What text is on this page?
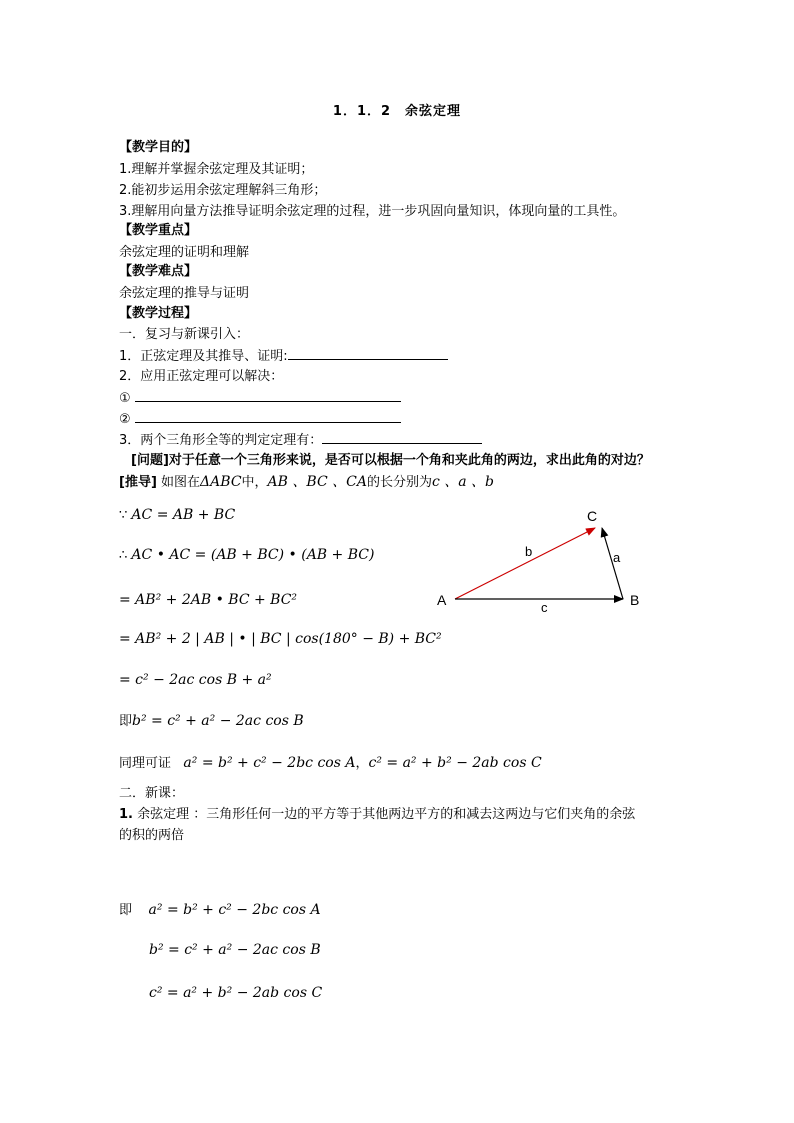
1．1．2　余弦定理
【教学目的】
1.理解并掌握余弦定理及其证明；
2.能初步运用余弦定理解斜三角形；
3.理解用向量方法推导证明余弦定理的过程，进一步巩固向量知识，体现向量的工具性。
【教学重点】
余弦定理的证明和理解
【教学难点】
余弦定理的推导与证明
【教学过程】
一．复习与新课引入：
1．正弦定理及其推导、证明:
2．应用正弦定理可以解决：
①
②
3．两个三角形全等的判定定理有：
[问题]对于任意一个三角形来说，是否可以根据一个角和夹此角的两边，求出此角的对边？
[推导] 如图在ΔABC中，AB 、BC 、CA的长分别为c 、a 、b
∵ AC = AB + BC
∴ AC • AC = (AB + BC) • (AB + BC)
= AB² + 2AB • BC + BC²
= AB² + 2 | AB | • | BC | cos(180° − B) + BC²
= c² − 2ac cos B + a²
即b² = c² + a² − 2ac cos B
同理可证 a² = b² + c² − 2bc cos A，c² = a² + b² − 2ab cos C
A	B
C
a
b
c
二．新课：
1. 余弦定理 ：三角形任何一边的平方等于其他两边平方的和减去这两边与它们夹角的余弦
的积的两倍
即 a² = b² + c² − 2bc cos A
b² = c² + a² − 2ac cos B
c² = a² + b² − 2ab cos C
